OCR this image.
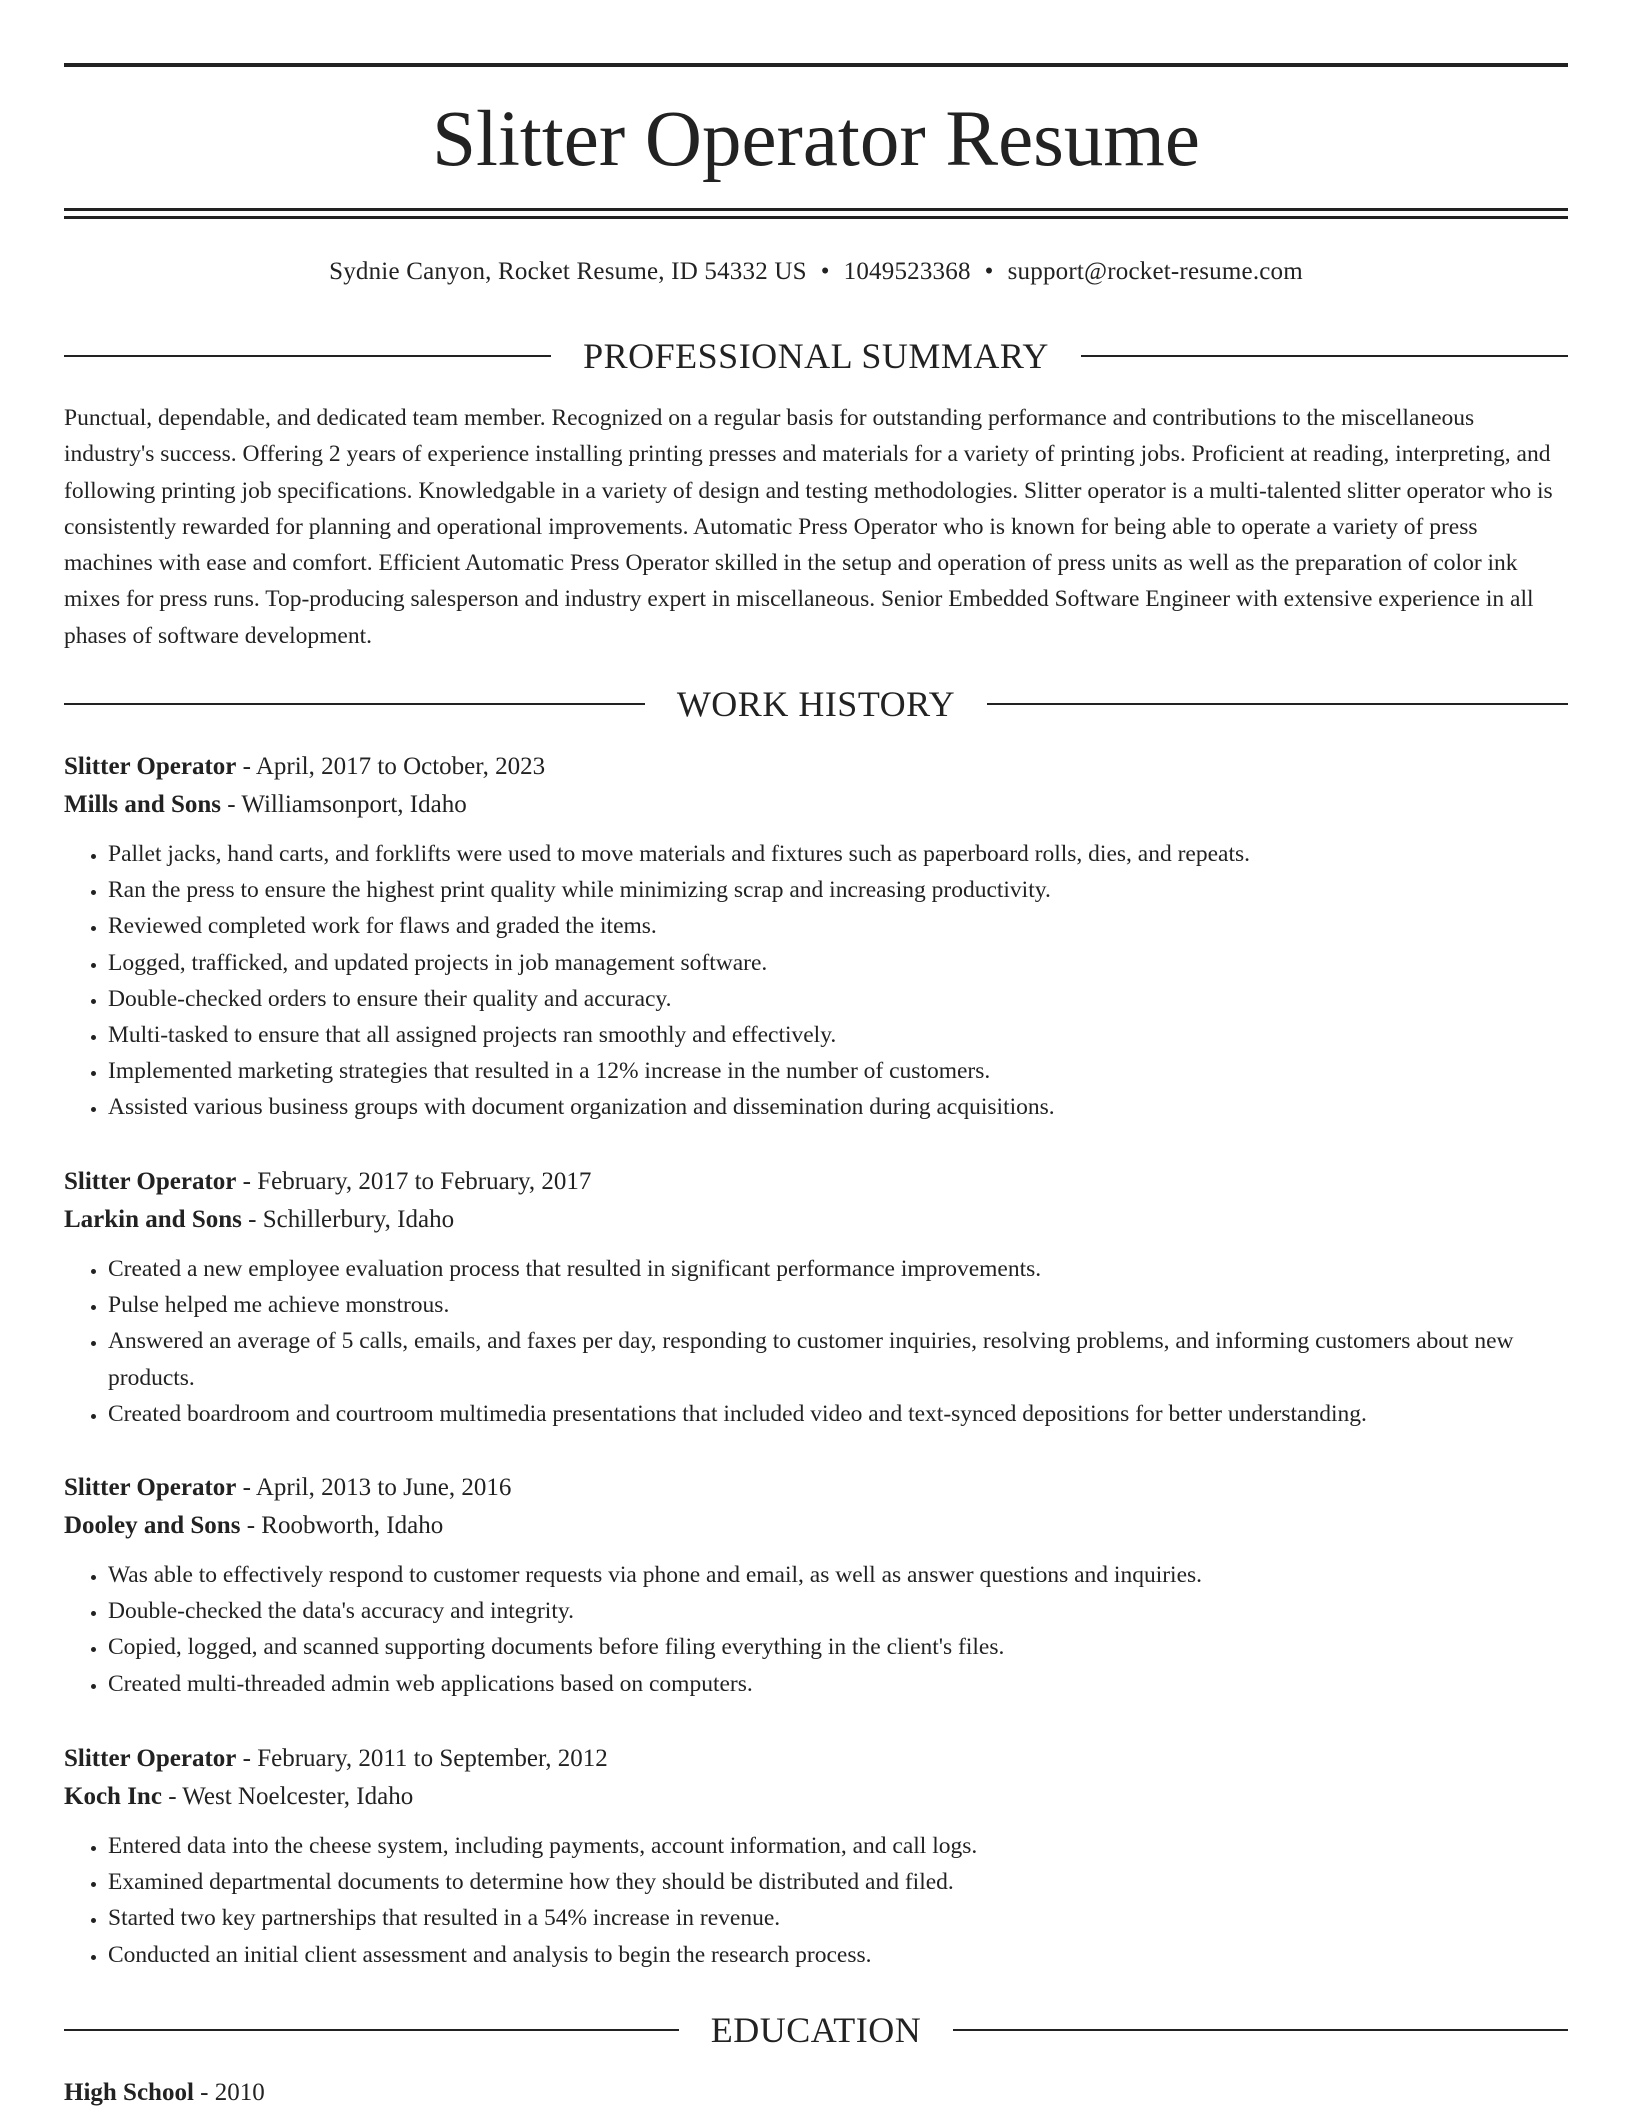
Slitter Operator Resume
Sydnie Canyon, Rocket Resume, ID 54332 US • 1049523368 • support@rocket-resume.com
PROFESSIONAL SUMMARY

Punctual, dependable, and dedicated team member. Recognized on a regular basis for outstanding performance and contributions to the miscellaneous industry's success. Offering 2 years of experience installing printing presses and materials for a variety of printing jobs. Proficient at reading, interpreting, and following printing job specifications. Knowledgable in a variety of design and testing methodologies. Slitter operator is a multi-talented slitter operator who is consistently rewarded for planning and operational improvements. Automatic Press Operator who is known for being able to operate a variety of press machines with ease and comfort. Efficient Automatic Press Operator skilled in the setup and operation of press units as well as the preparation of color ink mixes for press runs. Top-producing salesperson and industry expert in miscellaneous. Senior Embedded Software Engineer with extensive experience in all phases of software development.

WORK HISTORY
Slitter Operator - April, 2017 to October, 2023
Mills and Sons - Williamsonport, Idaho
• Pallet jacks, hand carts, and forklifts were used to move materials and fixtures such as paperboard rolls, dies, and repeats.
• Ran the press to ensure the highest print quality while minimizing scrap and increasing productivity.
• Reviewed completed work for flaws and graded the items.
• Logged, trafficked, and updated projects in job management software.
• Double-checked orders to ensure their quality and accuracy.
• Multi-tasked to ensure that all assigned projects ran smoothly and effectively.
• Implemented marketing strategies that resulted in a 12% increase in the number of customers.
• Assisted various business groups with document organization and dissemination during acquisitions.
Slitter Operator - February, 2017 to February, 2017
Larkin and Sons - Schillerbury, Idaho
• Created a new employee evaluation process that resulted in significant performance improvements.
• Pulse helped me achieve monstrous.
• Answered an average of 5 calls, emails, and faxes per day, responding to customer inquiries, resolving problems, and informing customers about new products.
• Created boardroom and courtroom multimedia presentations that included video and text-synced depositions for better understanding.
Slitter Operator - April, 2013 to June, 2016
Dooley and Sons - Roobworth, Idaho
• Was able to effectively respond to customer requests via phone and email, as well as answer questions and inquiries.
• Double-checked the data's accuracy and integrity.
• Copied, logged, and scanned supporting documents before filing everything in the client's files.
• Created multi-threaded admin web applications based on computers.
Slitter Operator - February, 2011 to September, 2012
Koch Inc - West Noelcester, Idaho
• Entered data into the cheese system, including payments, account information, and call logs.
• Examined departmental documents to determine how they should be distributed and filed.
• Started two key partnerships that resulted in a 54% increase in revenue.
• Conducted an initial client assessment and analysis to begin the research process.
EDUCATION
High School - 2010
